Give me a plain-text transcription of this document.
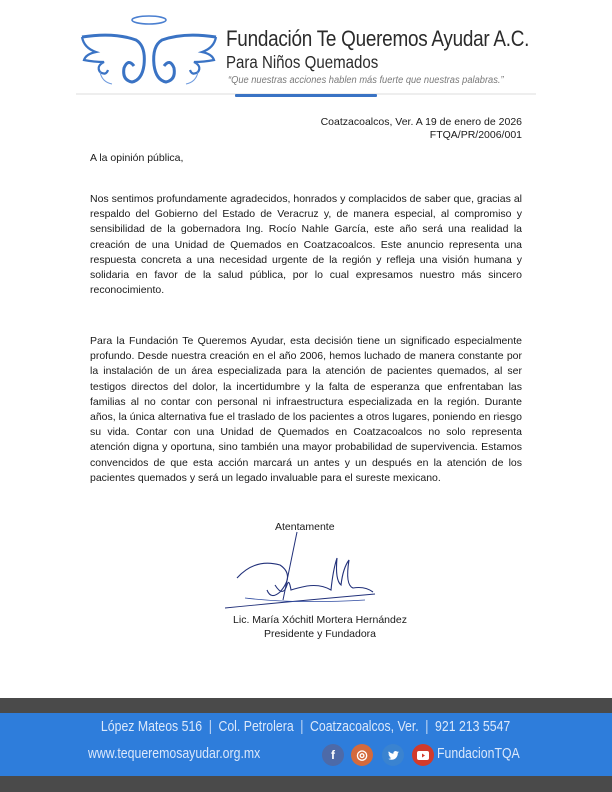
Fundación Te Queremos Ayudar A.C.
Para Niños Quemados
“Que nuestras acciones hablen más fuerte que nuestras palabras.”
Coatzacoalcos, Ver. A 19 de enero de 2026
FTQA/PR/2006/001
A la opinión pública,

Nos sentimos profundamente agradecidos, honrados y complacidos de saber que, gracias al respaldo del Gobierno del Estado de Veracruz y, de manera especial, al compromiso y sensibilidad de la gobernadora Ing. Rocío Nahle García, este año será una realidad la creación de una Unidad de Quemados en Coatzacoalcos. Este anuncio representa una respuesta concreta a una necesidad urgente de la región y refleja una visión humana y solidaria en favor de la salud pública, por lo cual expresamos nuestro más sincero reconocimiento.

Para la Fundación Te Queremos Ayudar, esta decisión tiene un significado especialmente profundo. Desde nuestra creación en el año 2006, hemos luchado de manera constante por la instalación de un área especializada para la atención de pacientes quemados, al ser testigos directos del dolor, la incertidumbre y la falta de esperanza que enfrentaban las familias al no contar con personal ni infraestructura especializada en la región. Durante años, la única alternativa fue el traslado de los pacientes a otros lugares, poniendo en riesgo su vida. Contar con una Unidad de Quemados en Coatzacoalcos no solo representa atención digna y oportuna, sino también una mayor probabilidad de supervivencia. Estamos convencidos de que esta acción marcará un antes y un después en la atención de los pacientes quemados y será un legado invaluable para el sureste mexicano.

Atentamente
Lic. María Xóchitl Mortera Hernández
Presidente y Fundadora
López Mateos 516 | Col. Petrolera | Coatzacoalcos, Ver. | 921 213 5547
www.tequeremosayudar.org.mx	f	◎	FundacionTQA
